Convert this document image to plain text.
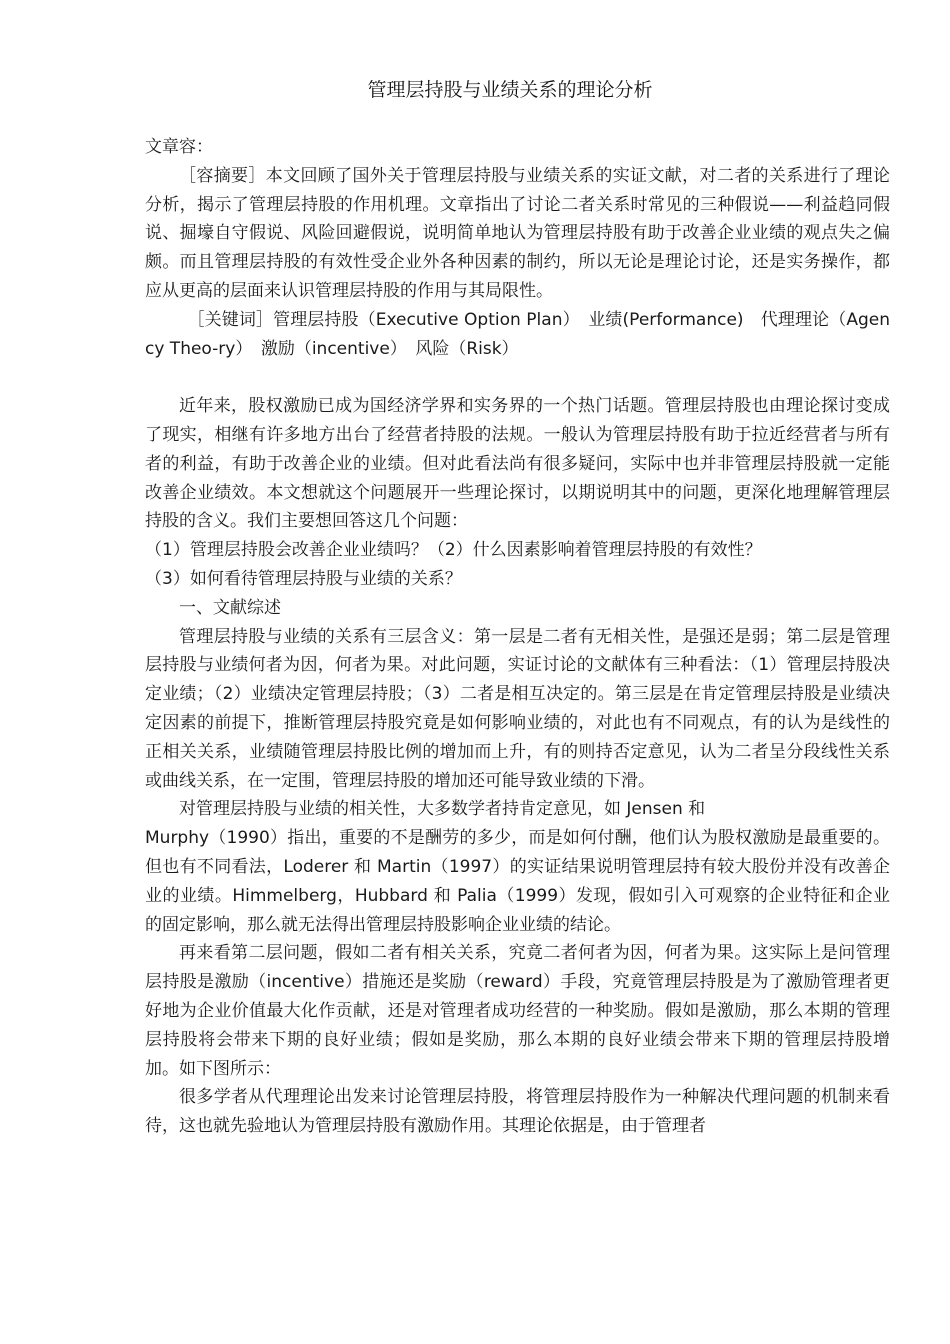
管理层持股与业绩关系的理论分析

文章容：

［容摘要］本文回顾了国外关于管理层持股与业绩关系的实证文献，对二者的关系进行了理论分析，揭示了管理层持股的作用机理。文章指出了讨论二者关系时常见的三种假说——利益趋同假说、掘壕自守假说、风险回避假说，说明简单地认为管理层持股有助于改善企业业绩的观点失之偏颇。而且管理层持股的有效性受企业外各种因素的制约，所以无论是理论讨论，还是实务操作，都应从更高的层面来认识管理层持股的作用与其局限性。

［关键词］管理层持股（Executive Option Plan）　业绩(Performance)　代理理论（Agency Theo-ry）　激励（incentive）　风险（Risk）

近年来，股权激励已成为国经济学界和实务界的一个热门话题。管理层持股也由理论探讨变成了现实，相继有许多地方出台了经营者持股的法规。一般认为管理层持股有助于拉近经营者与所有者的利益，有助于改善企业的业绩。但对此看法尚有很多疑问，实际中也并非管理层持股就一定能改善企业绩效。本文想就这个问题展开一些理论探讨，以期说明其中的问题，更深化地理解管理层持股的含义。我们主要想回答这几个问题：

（1）管理层持股会改善企业业绩吗？（2）什么因素影响着管理层持股的有效性？

（3）如何看待管理层持股与业绩的关系？

一、文献综述

管理层持股与业绩的关系有三层含义：第一层是二者有无相关性，是强还是弱；第二层是管理层持股与业绩何者为因，何者为果。对此问题，实证讨论的文献体有三种看法：（1）管理层持股决定业绩；（2）业绩决定管理层持股；（3）二者是相互决定的。第三层是在肯定管理层持股是业绩决定因素的前提下，推断管理层持股究竟是如何影响业绩的，对此也有不同观点，有的认为是线性的正相关关系，业绩随管理层持股比例的增加而上升，有的则持否定意见，认为二者呈分段线性关系或曲线关系，在一定围，管理层持股的增加还可能导致业绩的下滑。

对管理层持股与业绩的相关性，大多数学者持肯定意见，如 Jensen 和

Murphy（1990）指出，重要的不是酬劳的多少，而是如何付酬，他们认为股权激励是最重要的。但也有不同看法，Loderer 和 Martin（1997）的实证结果说明管理层持有较大股份并没有改善企业的业绩。Himmelberg，Hubbard 和 Palia（1999）发现，假如引入可观察的企业特征和企业的固定影响，那么就无法得出管理层持股影响企业业绩的结论。

再来看第二层问题，假如二者有相关关系，究竟二者何者为因，何者为果。这实际上是问管理层持股是激励（incentive）措施还是奖励（reward）手段，究竟管理层持股是为了激励管理者更好地为企业价值最大化作贡献，还是对管理者成功经营的一种奖励。假如是激励，那么本期的管理层持股将会带来下期的良好业绩；假如是奖励，那么本期的良好业绩会带来下期的管理层持股增加。如下图所示：

很多学者从代理理论出发来讨论管理层持股，将管理层持股作为一种解决代理问题的机制来看待，这也就先验地认为管理层持股有激励作用。其理论依据是，由于管理者
